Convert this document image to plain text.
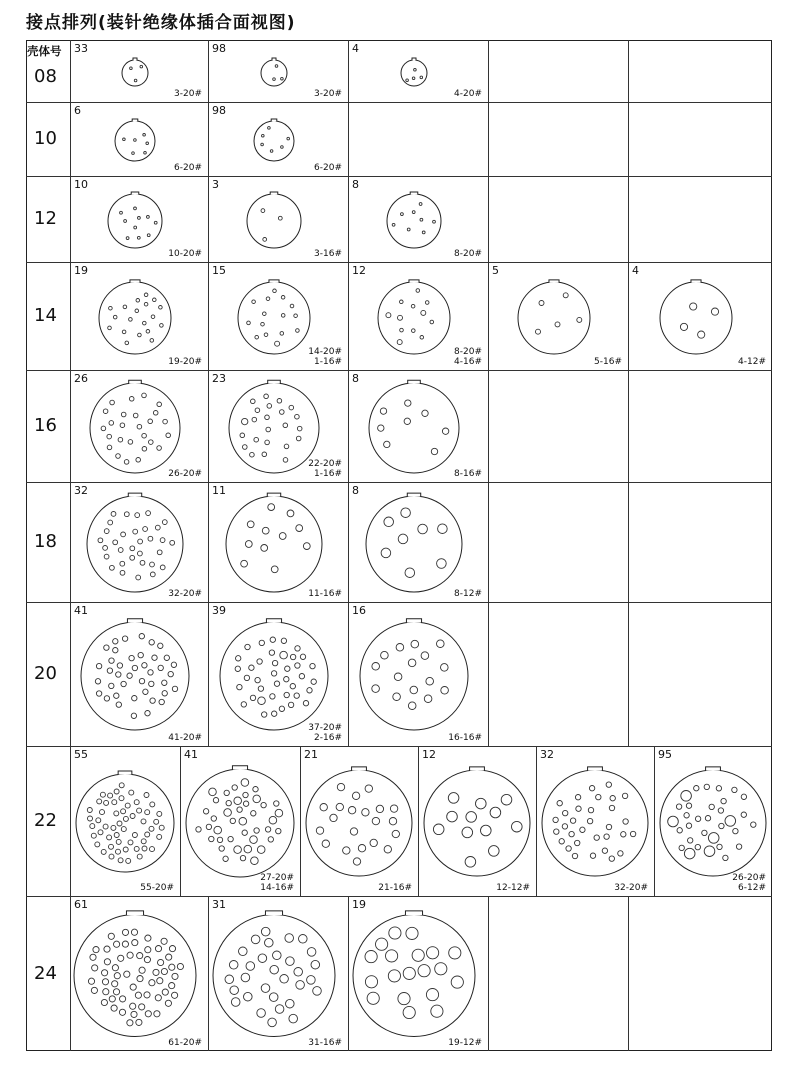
接点排列(装针绝缘体插合面视图)
壳体号
08
33
3-20#
98
3-20#
4
4-20#
10
6
6-20#
98
6-20#
12
10
10-20#
3
3-16#
8
8-20#
14
19
19-20#
15
14-20#
1-16#
12
8-20#
4-16#
5
5-16#
4
4-12#
16
26
26-20#
23
22-20#
1-16#
8
8-16#
18
32
32-20#
11
11-16#
8
8-12#
20
41
41-20#
39
37-20#
2-16#
16
16-16#
22
55
55-20#
41
27-20#
14-16#
21
21-16#
12
12-12#
32
32-20#
95
26-20#
6-12#
24
61
61-20#
31
31-16#
19
19-12#
